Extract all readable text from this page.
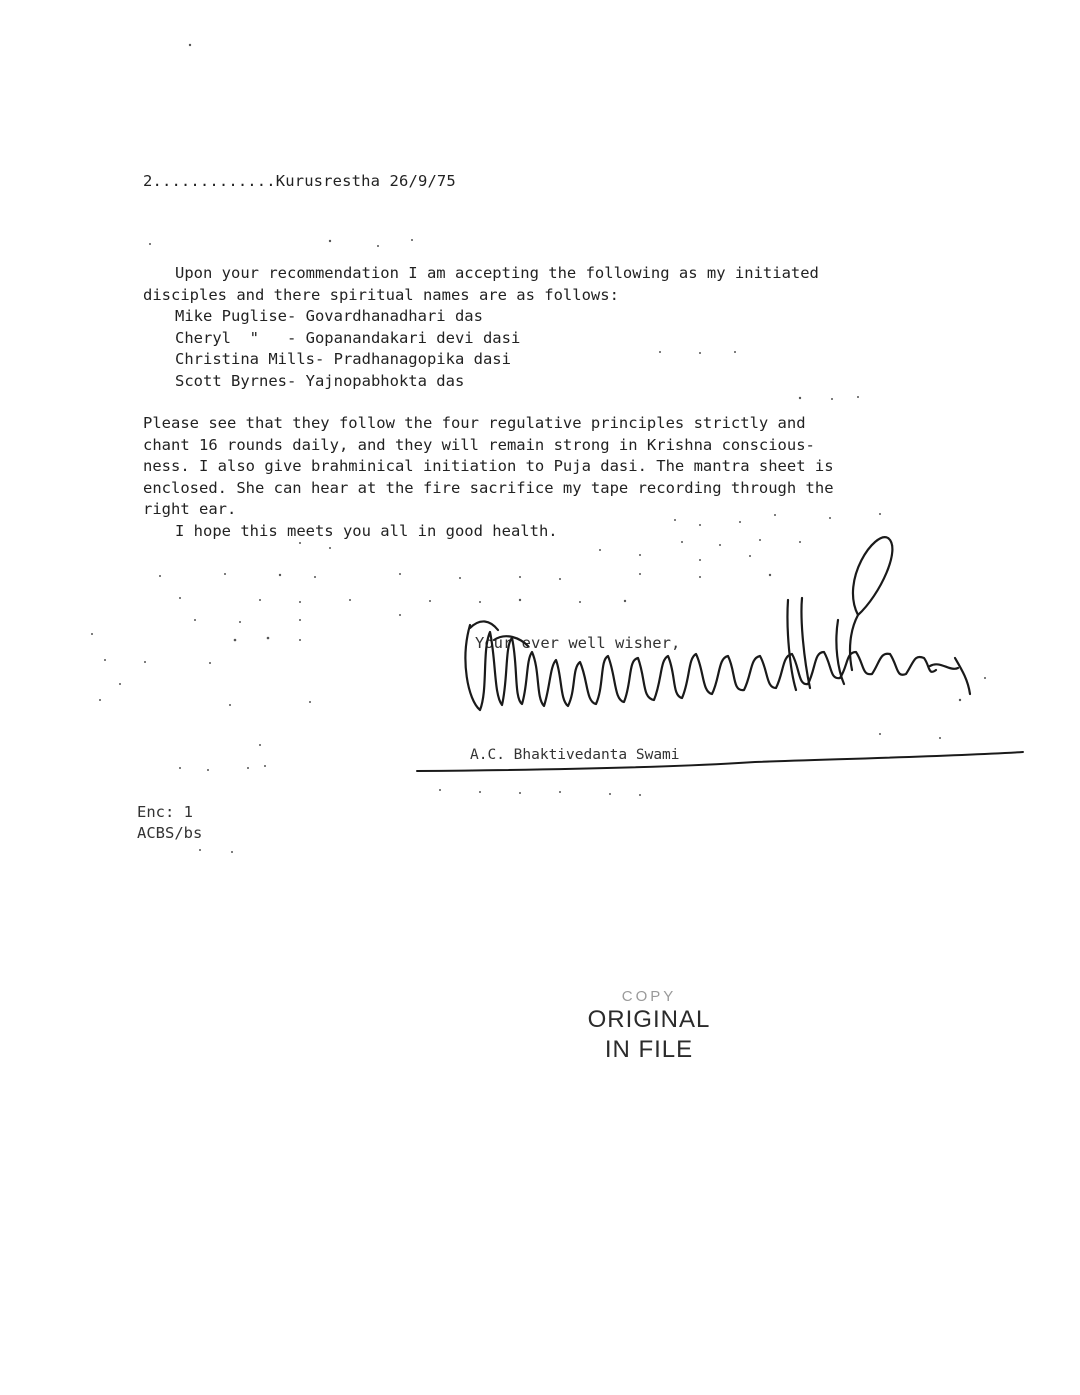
2.............Kurusrestha 26/9/75
Upon your recommendation I am accepting the following as my initiated
disciples and there spiritual names are as follows:
Mike Puglise- Govardhanadhari das
Cheryl  "   - Gopanandakari devi dasi
Christina Mills- Pradhanagopika dasi
Scott Byrnes- Yajnopabhokta das
Please see that they follow the four regulative principles strictly and
chant 16 rounds daily, and they will remain strong in Krishna conscious-
ness. I also give brahminical initiation to Puja dasi. The mantra sheet is
enclosed. She can hear at the fire sacrifice my tape recording through the
right ear.
I hope this meets you all in good health.
Your ever well wisher,
A.C. Bhaktivedanta Swami
Enc: 1
ACBS/bs
COPY
ORIGINAL
IN FILE
